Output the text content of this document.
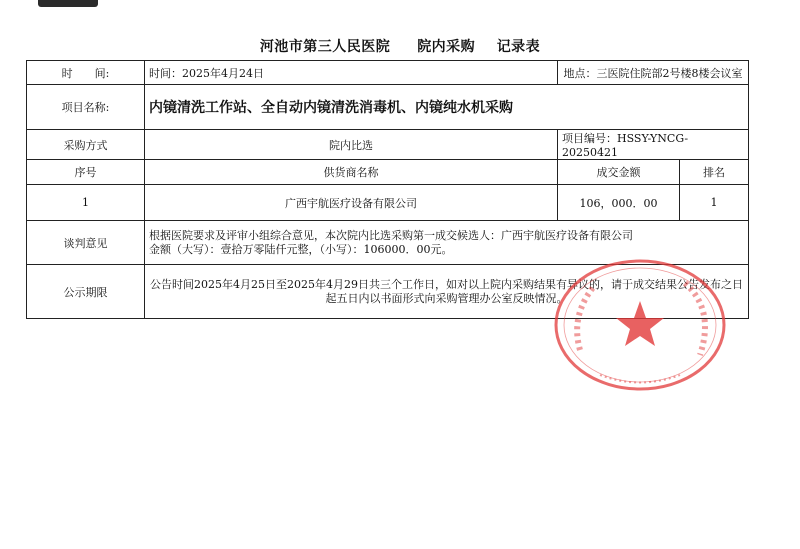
河池市第三人民医院 院内采购 记录表
时　　间:	时间：2025年4月24日	地点：三医院住院部2号楼8楼会议室	
项目名称:	内镜清洗工作站、全自动内镜清洗消毒机、内镜纯水机采购		
采购方式	院内比选	项目编号：HSSY-YNCG-20250421	
序号	供货商名称	成交金额	排名
1	广西宇航医疗设备有限公司	106，000．00	1
谈判意见	根据医院要求及评审小组综合意见，本次院内比选采购第一成交候选人：广西宇航医疗设备有限公司
金额（大写）：壹拾万零陆仟元整，（小写）：106000．00元。		

公示期限	公告时间2025年4月25日至2025年4月29日共三个工作日，如对以上院内采购结果有异议的，请于成交结果公告发布之日
起五日内以书面形式向采购管理办公室反映情况。		
